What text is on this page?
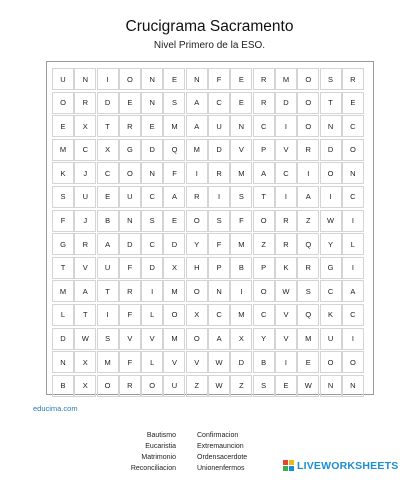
Crucigrama Sacramento
Nivel Primero de la ESO.
U	N	I	O	N	E	N	F	E	R	M	O	S	R
O	R	D	E	N	S	A	C	E	R	D	O	T	E
E	X	T	R	E	M	A	U	N	C	I	O	N	C
M	C	X	G	D	Q	M	D	V	P	V	R	D	O
K	J	C	O	N	F	I	R	M	A	C	I	O	N
S	U	E	U	C	A	R	I	S	T	I	A	I	C
F	J	B	N	S	E	O	S	F	O	R	Z	W	I
G	R	A	D	C	D	Y	F	M	Z	R	Q	Y	L
T	V	U	F	D	X	H	P	B	P	K	R	G	I
M	A	T	R	I	M	O	N	I	O	W	S	C	A
L	T	I	F	L	O	X	C	M	C	V	Q	K	C
D	W	S	V	V	M	O	A	X	Y	V	M	U	I
N	X	M	F	L	V	V	W	D	B	I	E	O	O
B	X	O	R	O	U	Z	W	Z	S	E	W	N	N
educima.com
Bautismo
Eucaristia
Matrimonio
Reconciliacion
Confirmacion
Extremauncion
Ordensacerdote
Unionenfermos	LIVEWORKSHEETS
